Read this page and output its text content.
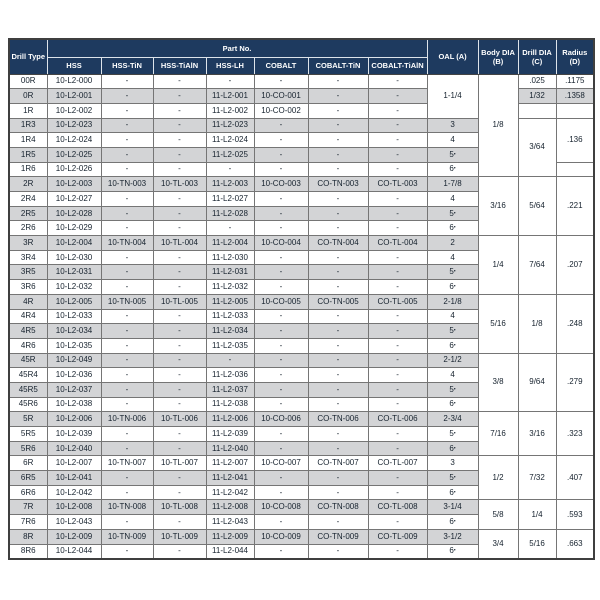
Drill Type	Part No.							OAL (A)	Body DIA (B)	Drill DIA (C)	Radius (D)
	HSS	HSS-TiN	HSS-TiAlN	HSS-LH	COBALT	COBALT-TiN	COBALT-TiAlN				
00R	10-L2-000	-	-	-	-	-	-	1-1/4	1/8	.025	.1175
0R	10-L2-001	-	-	11-L2-001	10-CO-001	-	-			1/32	.1358
1R	10-L2-002	-	-	11-L2-002	10-CO-002	-	-				
1R3	10-L2-023	-	-	11-L2-023	-	-	-	3		3/64	.136
1R4	10-L2-024	-	-	11-L2-024	-	-	-	4			
1R5	10-L2-025	-	-	11-L2-025	-	-	-	5•			
1R6	10-L2-026	-	-	-	-	-	-	6•			
2R	10-L2-003	10-TN-003	10-TL-003	11-L2-003	10-CO-003	CO-TN-003	CO-TL-003	1-7/8	3/16	5/64	.221
2R4	10-L2-027	-	-	11-L2-027	-	-	-	4			
2R5	10-L2-028	-	-	11-L2-028	-	-	-	5•			
2R6	10-L2-029	-	-	-	-	-	-	6•			
3R	10-L2-004	10-TN-004	10-TL-004	11-L2-004	10-CO-004	CO-TN-004	CO-TL-004	2	1/4	7/64	.207
3R4	10-L2-030	-	-	11-L2-030	-	-	-	4			
3R5	10-L2-031	-	-	11-L2-031	-	-	-	5•			
3R6	10-L2-032	-	-	11-L2-032	-	-	-	6•			
4R	10-L2-005	10-TN-005	10-TL-005	11-L2-005	10-CO-005	CO-TN-005	CO-TL-005	2-1/8	5/16	1/8	.248
4R4	10-L2-033	-	-	11-L2-033	-	-	-	4			
4R5	10-L2-034	-	-	11-L2-034	-	-	-	5•			
4R6	10-L2-035	-	-	11-L2-035	-	-	-	6•			
45R	10-L2-049	-	-	-	-	-	-	2-1/2	3/8	9/64	.279
45R4	10-L2-036	-	-	11-L2-036	-	-	-	4			
45R5	10-L2-037	-	-	11-L2-037	-	-	-	5•			
45R6	10-L2-038	-	-	11-L2-038	-	-	-	6•			
5R	10-L2-006	10-TN-006	10-TL-006	11-L2-006	10-CO-006	CO-TN-006	CO-TL-006	2-3/4	7/16	3/16	.323
5R5	10-L2-039	-	-	11-L2-039	-	-	-	5•			
5R6	10-L2-040	-	-	11-L2-040	-	-	-	6•			
6R	10-L2-007	10-TN-007	10-TL-007	11-L2-007	10-CO-007	CO-TN-007	CO-TL-007	3	1/2	7/32	.407
6R5	10-L2-041	-	-	11-L2-041	-	-	-	5•			
6R6	10-L2-042	-	-	11-L2-042	-	-	-	6•			
7R	10-L2-008	10-TN-008	10-TL-008	11-L2-008	10-CO-008	CO-TN-008	CO-TL-008	3-1/4	5/8	1/4	.593
7R6	10-L2-043	-	-	11-L2-043	-	-	-	6•			
8R	10-L2-009	10-TN-009	10-TL-009	11-L2-009	10-CO-009	CO-TN-009	CO-TL-009	3-1/2	3/4	5/16	.663
8R6	10-L2-044	-	-	11-L2-044	-	-	-	6•			
